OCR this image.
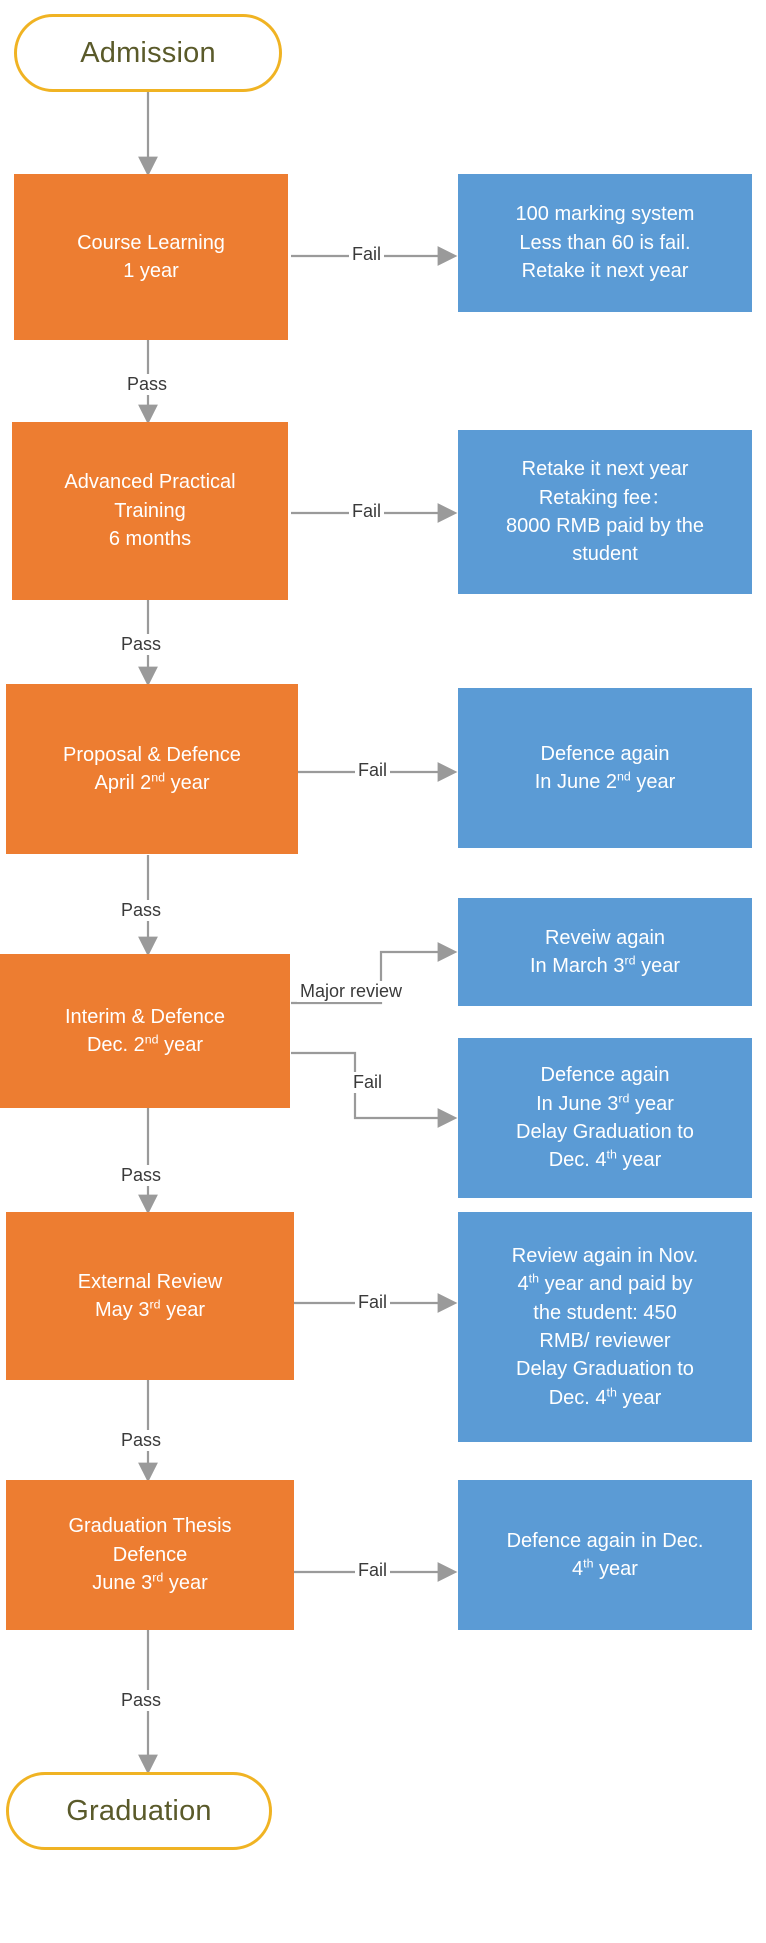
Admission
Course Learning
1 year
100 marking system
Less than 60 is fail.
Retake it next year
Fail
Pass
Advanced Practical
Training
6 months
Retake it next year
Retaking fee：
8000 RMB paid by the
student
Fail
Pass
Proposal & Defence
April 2nd year
Defence again
In June 2nd year
Fail
Pass
Interim & Defence
Dec. 2nd year
Reveiw again
In March 3rd year
Defence again
In June 3rd year
Delay Graduation to
Dec. 4th year
Major review
Fail
Pass
External Review
May 3rd year
Review again in Nov.
4th year and paid by
the student: 450
RMB/ reviewer
Delay Graduation to
Dec. 4th year
Fail
Pass
Graduation Thesis
Defence
June 3rd year
Defence again in Dec.
4th year
Fail
Pass
Graduation
